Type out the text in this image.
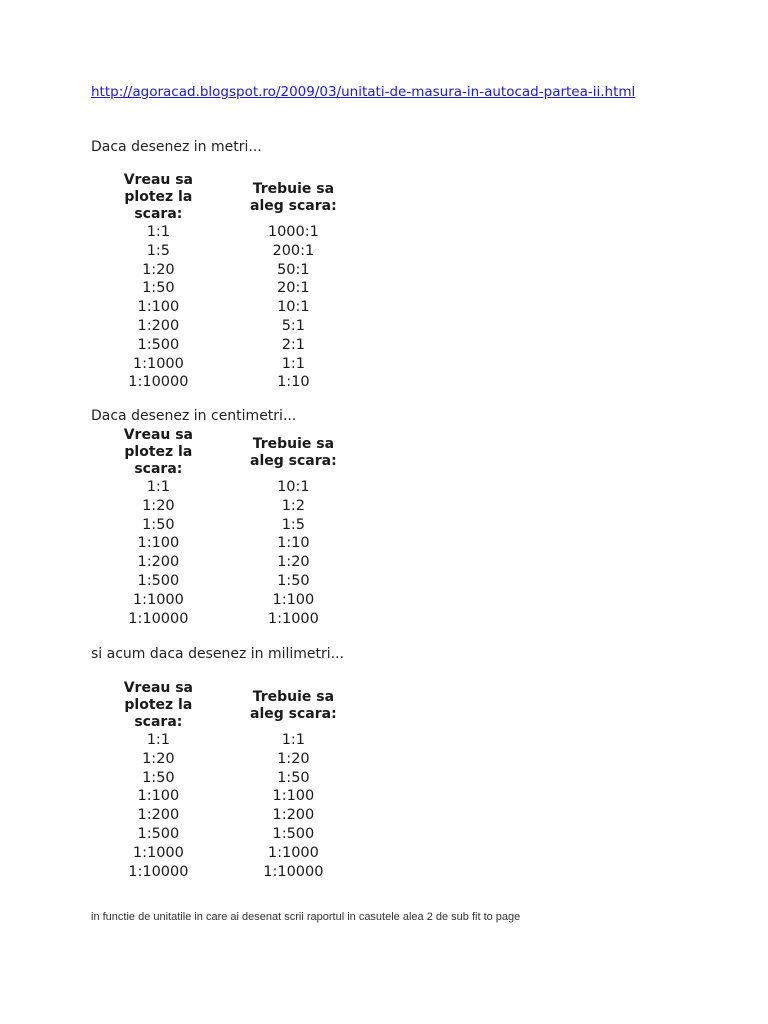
http://agoracad.blogspot.ro/2009/03/unitati-de-masura-in-autocad-partea-ii.html
Daca desenez in metri...
Vreau sa plotez la scara:	Trebuie sa aleg scara:
1:1	1000:1
1:5	200:1
1:20	50:1
1:50	20:1
1:100	10:1
1:200	5:1
1:500	2:1
1:1000	1:1
1:10000	1:10
Daca desenez in centimetri...
Vreau sa plotez la scara:	Trebuie sa aleg scara:
1:1	10:1
1:20	1:2
1:50	1:5
1:100	1:10
1:200	1:20
1:500	1:50
1:1000	1:100
1:10000	1:1000
si acum daca desenez in milimetri...
Vreau sa plotez la scara:	Trebuie sa aleg scara:
1:1	1:1
1:20	1:20
1:50	1:50
1:100	1:100
1:200	1:200
1:500	1:500
1:1000	1:1000
1:10000	1:10000
in functie de unitatile in care ai desenat scrii raportul in casutele alea 2 de sub fit to page
